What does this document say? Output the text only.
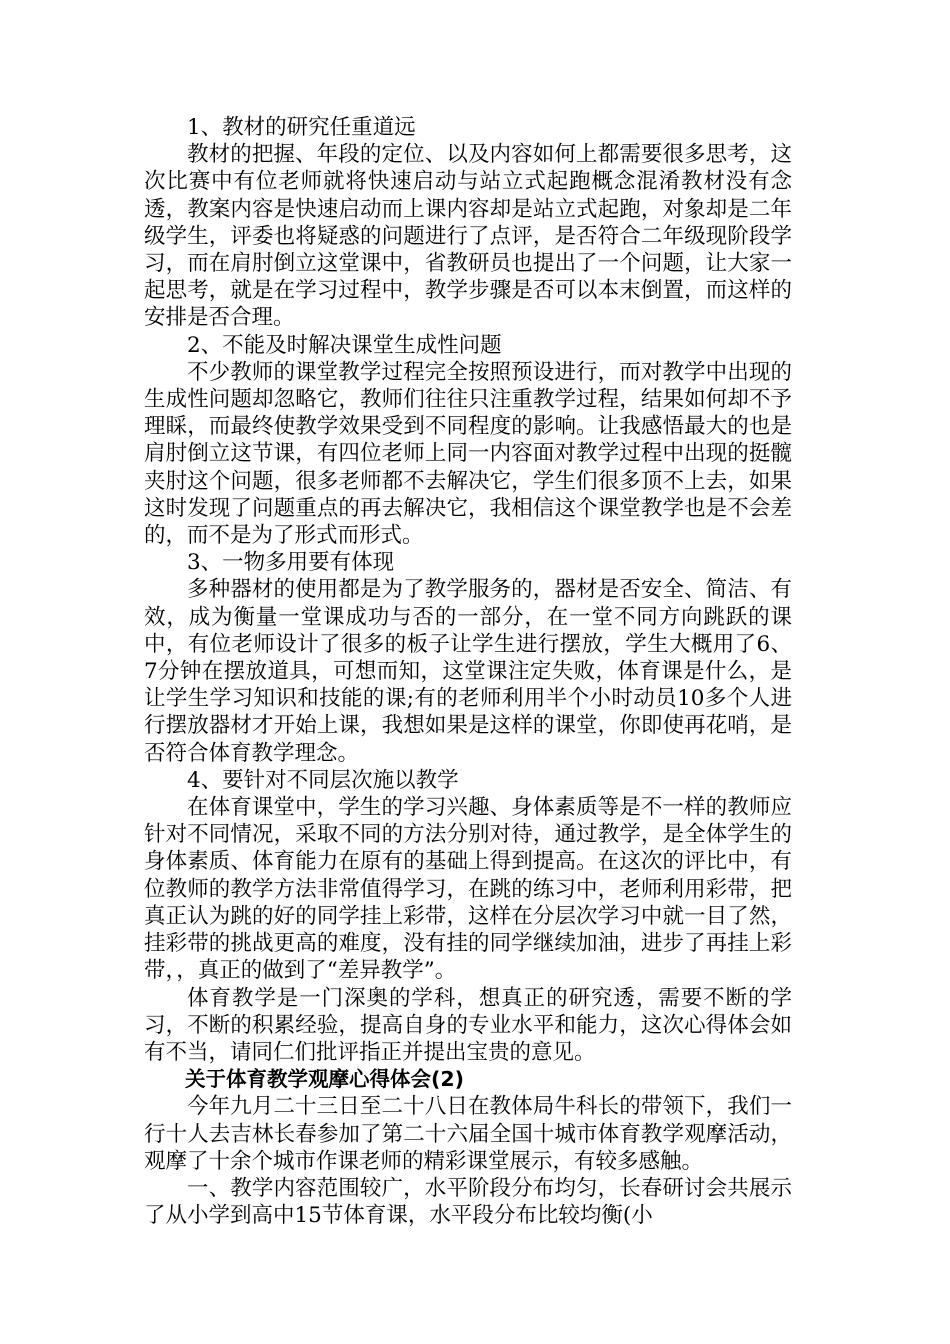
1、教材的研究任重道远

教材的把握、年段的定位、以及内容如何上都需要很多思考，这次比赛中有位老师就将快速启动与站立式起跑概念混淆教材没有念透，教案内容是快速启动而上课内容却是站立式起跑，对象却是二年级学生，评委也将疑惑的问题进行了点评，是否符合二年级现阶段学习，而在肩肘倒立这堂课中，省教研员也提出了一个问题，让大家一起思考，就是在学习过程中，教学步骤是否可以本末倒置，而这样的安排是否合理。

2、不能及时解决课堂生成性问题

不少教师的课堂教学过程完全按照预设进行，而对教学中出现的生成性问题却忽略它，教师们往往只注重教学过程，结果如何却不予理睬，而最终使教学效果受到不同程度的影响。让我感悟最大的也是肩肘倒立这节课，有四位老师上同一内容面对教学过程中出现的挺髋夹肘这个问题，很多老师都不去解决它，学生们很多顶不上去，如果这时发现了问题重点的再去解决它，我相信这个课堂教学也是不会差的，而不是为了形式而形式。

3、一物多用要有体现

多种器材的使用都是为了教学服务的，器材是否安全、简洁、有效，成为衡量一堂课成功与否的一部分，在一堂不同方向跳跃的课中，有位老师设计了很多的板子让学生进行摆放，学生大概用了6、7分钟在摆放道具，可想而知，这堂课注定失败，体育课是什么，是让学生学习知识和技能的课;有的老师利用半个小时动员10多个人进行摆放器材才开始上课，我想如果是这样的课堂，你即使再花哨，是否符合体育教学理念。

4、要针对不同层次施以教学

在体育课堂中，学生的学习兴趣、身体素质等是不一样的教师应针对不同情况，采取不同的方法分别对待，通过教学，是全体学生的身体素质、体育能力在原有的基础上得到提高。在这次的评比中，有位教师的教学方法非常值得学习，在跳的练习中，老师利用彩带，把真正认为跳的好的同学挂上彩带，这样在分层次学习中就一目了然，挂彩带的挑战更高的难度，没有挂的同学继续加油，进步了再挂上彩带，，真正的做到了“差异教学”。

体育教学是一门深奥的学科，想真正的研究透，需要不断的学习，不断的积累经验，提高自身的专业水平和能力，这次心得体会如有不当，请同仁们批评指正并提出宝贵的意见。

关于体育教学观摩心得体会(2)

今年九月二十三日至二十八日在教体局牛科长的带领下，我们一行十人去吉林长春参加了第二十六届全国十城市体育教学观摩活动，观摩了十余个城市作课老师的精彩课堂展示，有较多感触。

一、教学内容范围较广，水平阶段分布均匀，长春研讨会共展示了从小学到高中15节体育课，水平段分布比较均衡(小
